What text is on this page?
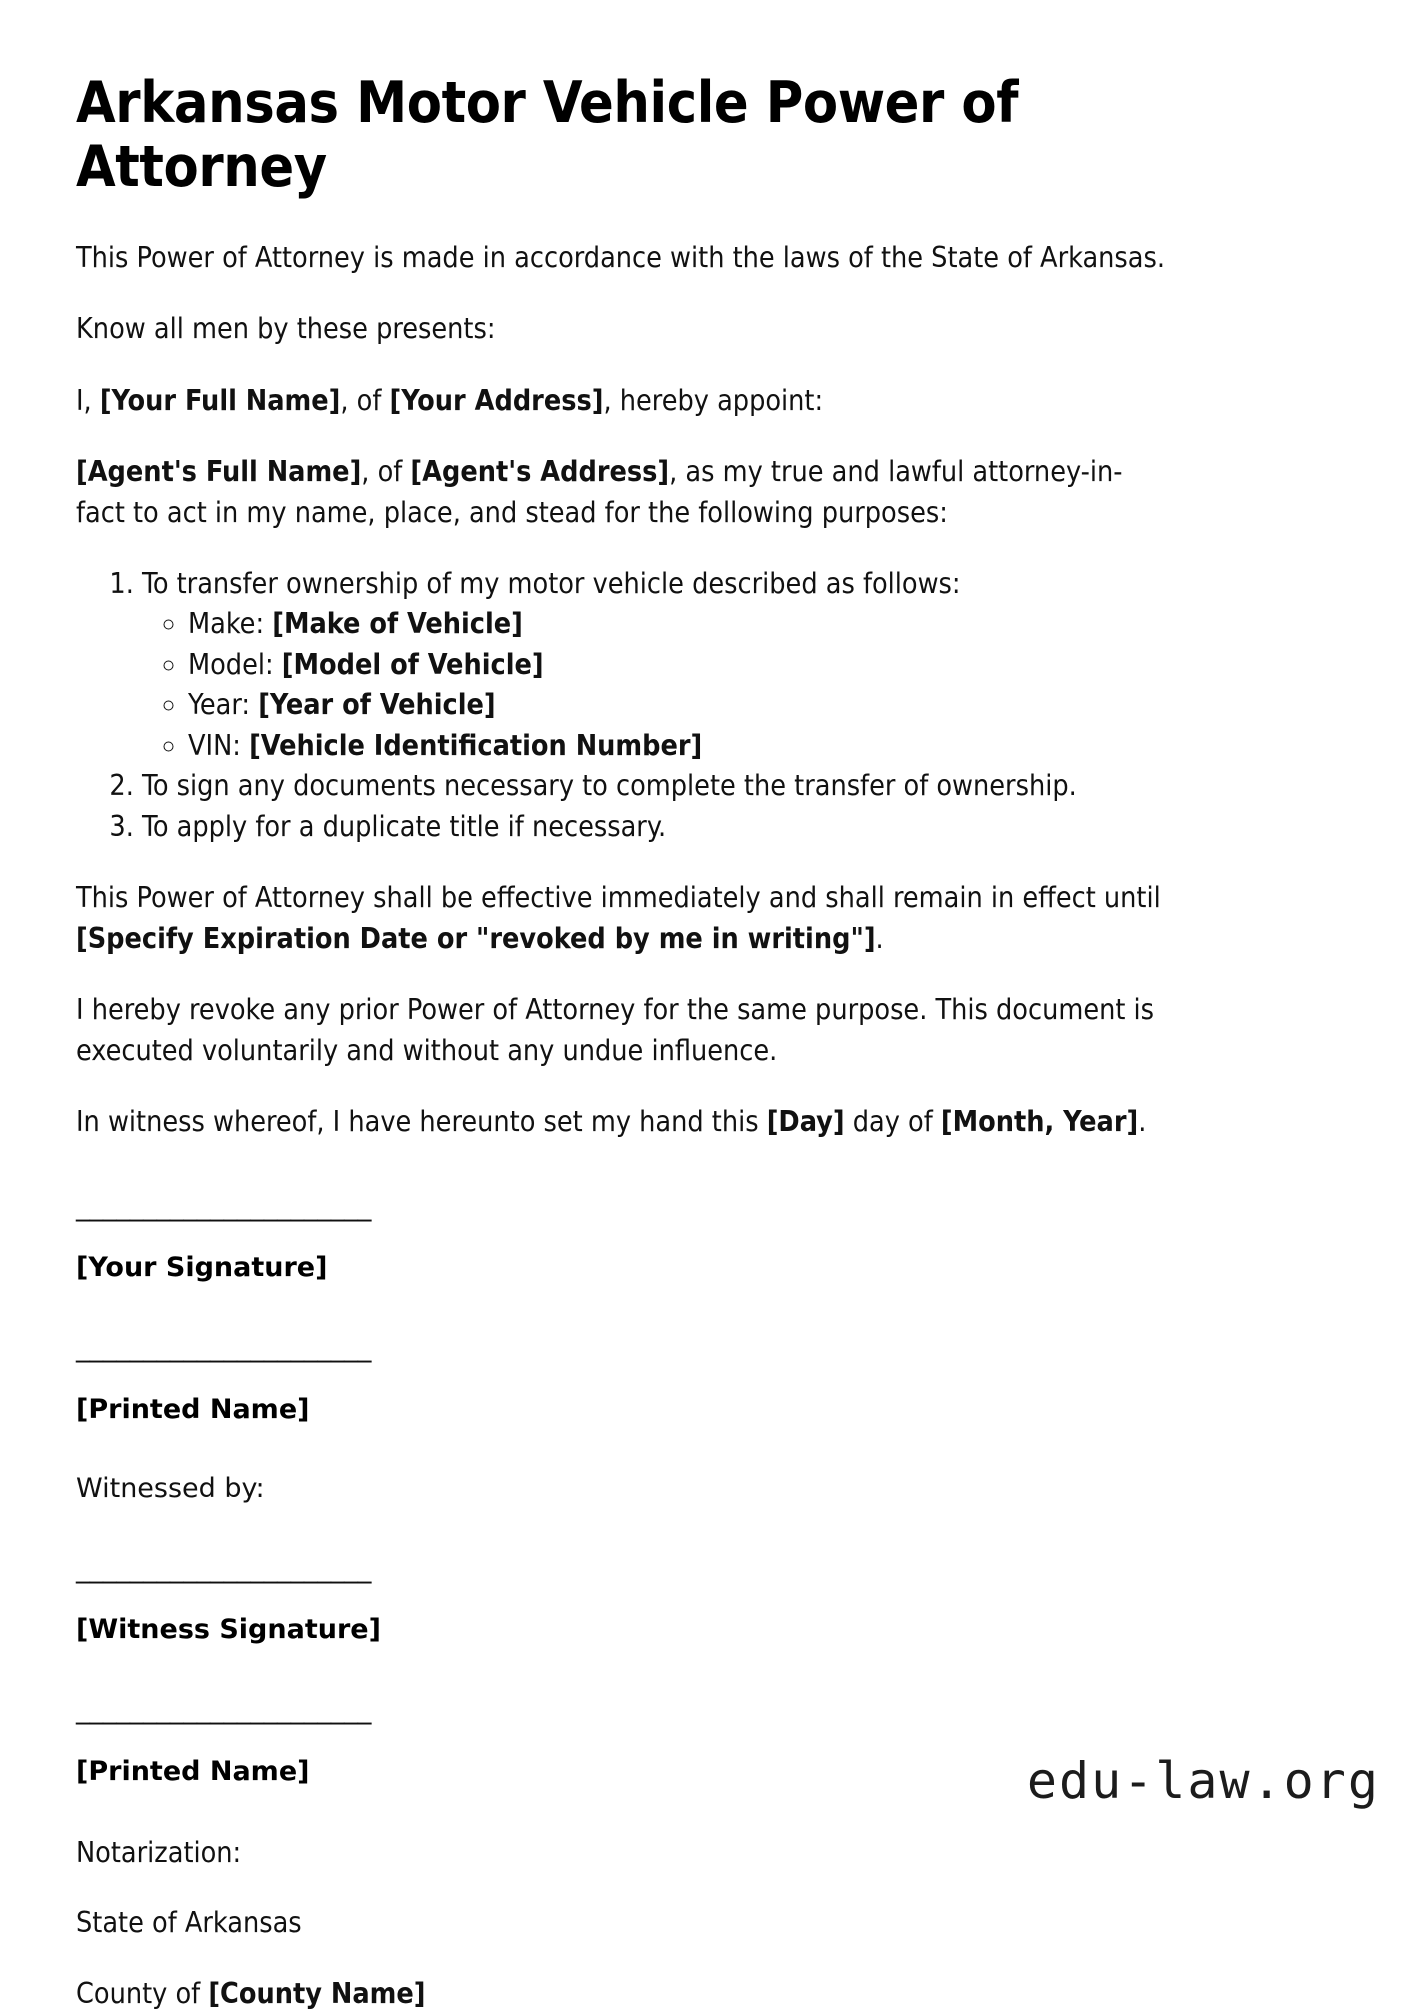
Arkansas Motor Vehicle Power of Attorney

This Power of Attorney is made in accordance with the laws of the State of Arkansas.

Know all men by these presents:

I, [Your Full Name], of [Your Address], hereby appoint:

[Agent's Full Name], of [Agent's Address], as my true and lawful attorney-in-fact to act in my name, place, and stead for the following purposes:

1. To transfer ownership of my motor vehicle described as follows:
◦ Make: [Make of Vehicle]
◦ Model: [Model of Vehicle]
◦ Year: [Year of Vehicle]
◦ VIN: [Vehicle Identification Number]
2. To sign any documents necessary to complete the transfer of ownership.
3. To apply for a duplicate title if necessary.

This Power of Attorney shall be effective immediately and shall remain in effect until [Specify Expiration Date or "revoked by me in writing"].

I hereby revoke any prior Power of Attorney for the same purpose. This document is executed voluntarily and without any undue influence.

In witness whereof, I have hereunto set my hand this [Day] day of [Month, Year].

______________________

[Your Signature]

______________________

[Printed Name]

Witnessed by:

______________________

[Witness Signature]

______________________

[Printed Name]

Notarization:

State of Arkansas

County of [County Name]

edu-law.org
